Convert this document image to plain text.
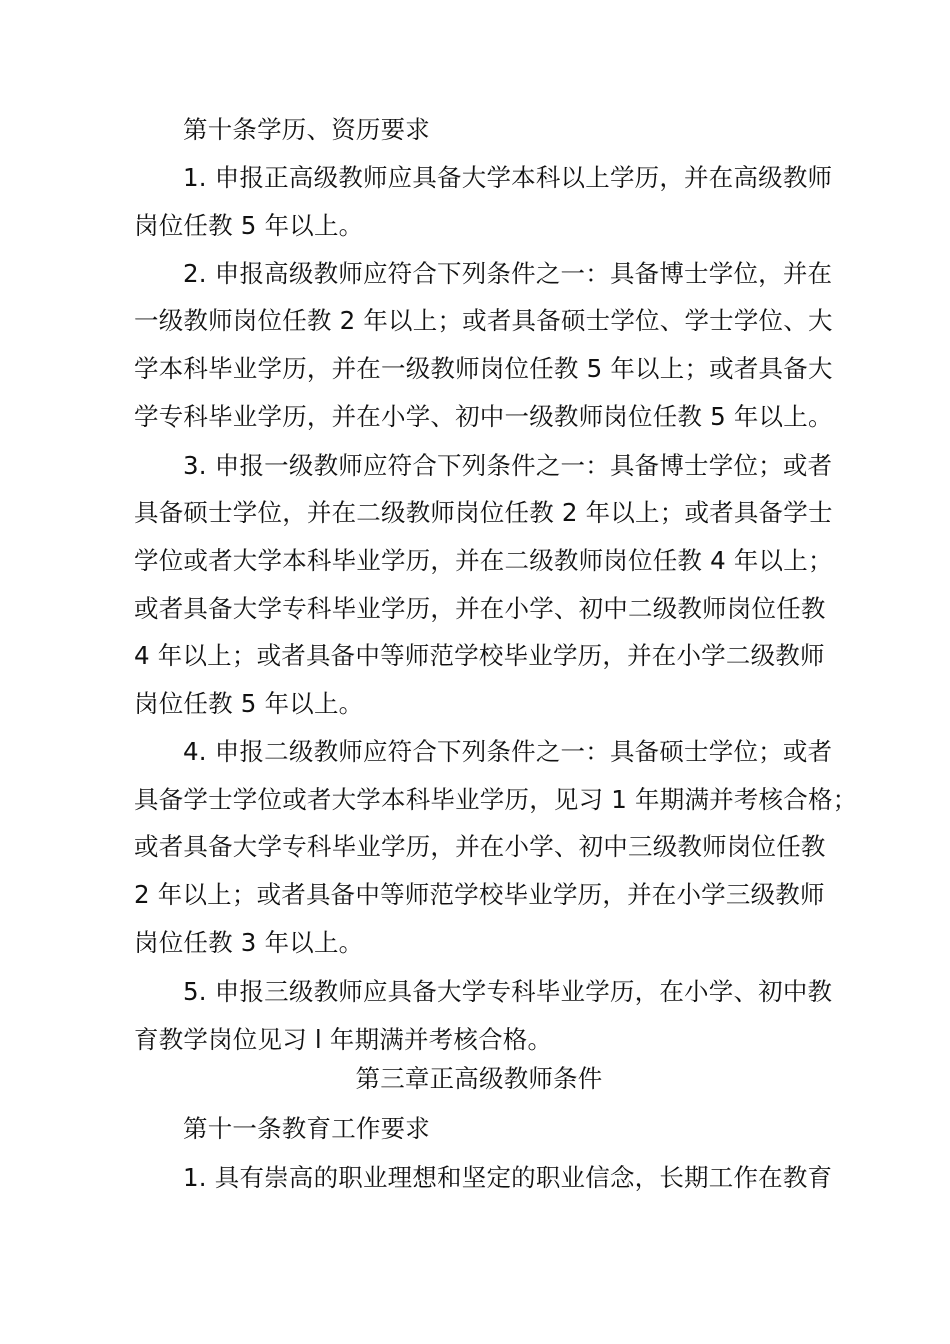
第十条学历、资历要求
1. 申报正高级教师应具备大学本科以上学历，并在高级教师
岗位任教 5 年以上。
2. 申报高级教师应符合下列条件之一：具备博士学位，并在
一级教师岗位任教 2 年以上；或者具备硕士学位、学士学位、大
学本科毕业学历，并在一级教师岗位任教 5 年以上；或者具备大
学专科毕业学历，并在小学、初中一级教师岗位任教 5 年以上。
3. 申报一级教师应符合下列条件之一：具备博士学位；或者
具备硕士学位，并在二级教师岗位任教 2 年以上；或者具备学士
学位或者大学本科毕业学历，并在二级教师岗位任教 4 年以上；
或者具备大学专科毕业学历，并在小学、初中二级教师岗位任教
4 年以上；或者具备中等师范学校毕业学历，并在小学二级教师
岗位任教 5 年以上。
4. 申报二级教师应符合下列条件之一：具备硕士学位；或者
具备学士学位或者大学本科毕业学历，见习 1 年期满并考核合格；
或者具备大学专科毕业学历，并在小学、初中三级教师岗位任教
2 年以上；或者具备中等师范学校毕业学历，并在小学三级教师
岗位任教 3 年以上。
5. 申报三级教师应具备大学专科毕业学历，在小学、初中教
育教学岗位见习 l 年期满并考核合格。
第三章正高级教师条件
第十一条教育工作要求
1. 具有崇高的职业理想和坚定的职业信念，长期工作在教育
